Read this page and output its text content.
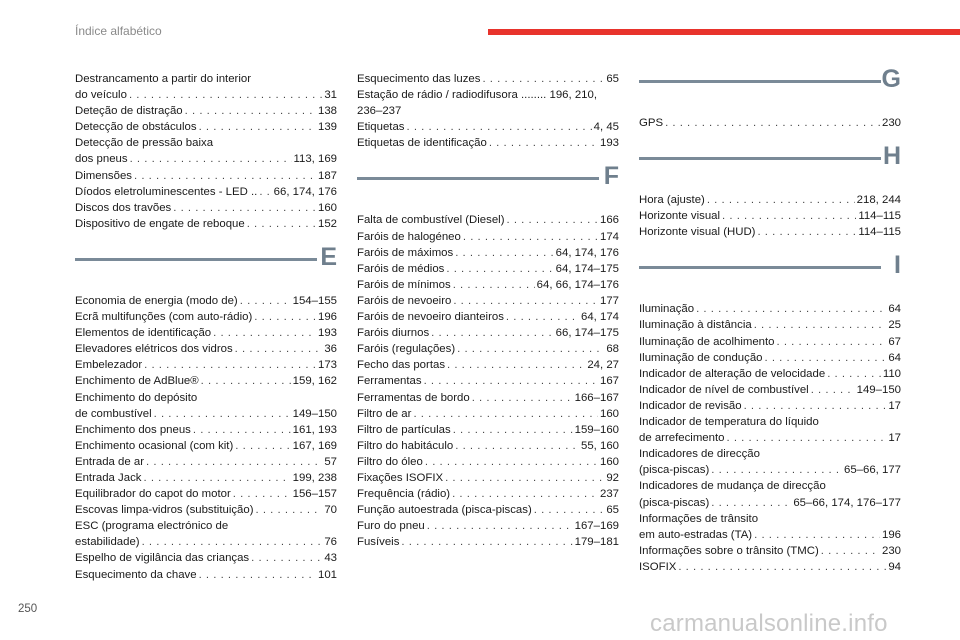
Índice alfabético
Destrancamento a partir do interior
do veículo . . .	31
Deteção de distração . . .	138
Detecção de obstáculos . . .	139
Detecção de pressão baixa
dos pneus . . .	113, 169
Dimensões . . .	187
Díodos eletroluminescentes - LED .. . . . 66, 174, 176
Discos dos travões . . .	160
Dispositivo de engate de reboque . . .	152
E
Economia de energia (modo de) . . .	154–155
Ecrã multifunções (com auto-rádio) . . .	196
Elementos de identificação . . .	193
Elevadores elétricos dos vidros . . .	36
Embelezador . . .	173
Enchimento de AdBlue® . . .	159, 162
Enchimento do depósito
de combustível . . .	149–150
Enchimento dos pneus . . .	161, 193
Enchimento ocasional (com kit) . . .	167, 169
Entrada de ar . . .	57
Entrada Jack . . .	199, 238
Equilibrador do capot do motor . . .	156–157
Escovas limpa-vidros (substituição) . . .	70
ESC (programa electrónico de
estabilidade) . . .	76
Espelho de vigilância das crianças . . .	43
Esquecimento da chave . . .	101
Esquecimento das luzes . . .	65
Estação de rádio / radiodifusora ........ 196, 210,
236–237
Etiquetas . . .	4, 45
Etiquetas de identificação . . .	193
F
Falta de combustível (Diesel) . . .	166
Faróis de halogéneo . . .	174
Faróis de máximos . . .	64, 174, 176
Faróis de médios . . .	64, 174–175
Faróis de mínimos . . .	64, 66, 174–176
Faróis de nevoeiro . . .	177
Faróis de nevoeiro dianteiros . . .	64, 174
Faróis diurnos . . .	66, 174–175
Faróis (regulações) . . .	68
Fecho das portas . . .	24, 27
Ferramentas . . .	167
Ferramentas de bordo . . .	166–167
Filtro de ar . . .	160
Filtro de partículas . . .	159–160
Filtro do habitáculo . . .	55, 160
Filtro do óleo . . .	160
Fixações ISOFIX . . .	92
Frequência (rádio) . . .	237
Função autoestrada (pisca-piscas) . . .	65
Furo do pneu . . .	167–169
Fusíveis . . .	179–181
G
GPS . . .	230
H
Hora (ajuste) . . .	218, 244
Horizonte visual . . .	114–115
Horizonte visual (HUD) . . .	114–115
I
Iluminação . . .	64
Iluminação à distância . . .	25
Iluminação de acolhimento . . .	67
Iluminação de condução . . .	64
Indicador de alteração de velocidade . . .	110
Indicador de nível de combustível . . .	149–150
Indicador de revisão . . .	17
Indicador de temperatura do líquido
de arrefecimento . . .	17
Indicadores de direcção
(pisca-piscas) . . .	65–66, 177
Indicadores de mudança de direcção
(pisca-piscas) . . .	65–66, 174, 176–177
Informações de trânsito
em auto-estradas (TA) . . .	196
Informações sobre o trânsito (TMC) . . .	230
ISOFIX . . .	94
250
carmanualsonline.info
